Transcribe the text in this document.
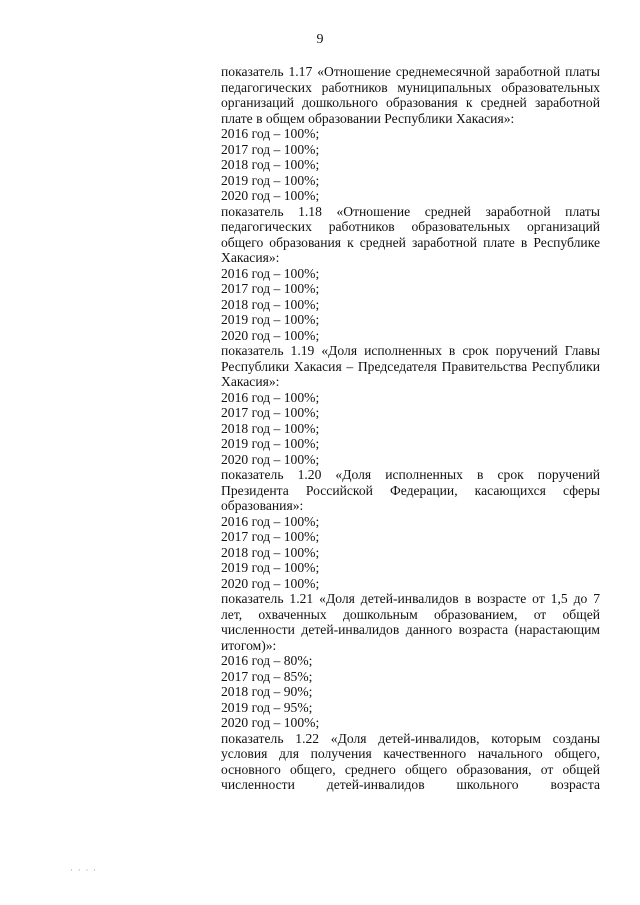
9

показатель 1.17 «Отношение среднемесячной заработной платы педагогических работников муниципальных образовательных организаций дошкольного образования к средней заработной плате в общем образовании Республики Хакасия»:

2016 год – 100%;

2017 год – 100%;

2018 год – 100%;

2019 год – 100%;

2020 год – 100%;

показатель 1.18 «Отношение средней заработной платы педагогических работников образовательных организаций общего образования к средней заработной плате в Республике Хакасия»:

2016 год – 100%;

2017 год – 100%;

2018 год – 100%;

2019 год – 100%;

2020 год – 100%;

показатель 1.19 «Доля исполненных в срок поручений Главы Республики Хакасия – Председателя Правительства Республики Хакасия»:

2016 год – 100%;

2017 год – 100%;

2018 год – 100%;

2019 год – 100%;

2020 год – 100%;

показатель 1.20 «Доля исполненных в срок поручений Президента Российской Федерации, касающихся сферы образования»:

2016 год – 100%;

2017 год – 100%;

2018 год – 100%;

2019 год – 100%;

2020 год – 100%;

показатель 1.21 «Доля детей-инвалидов в возрасте от 1,5 до 7 лет, охваченных дошкольным образованием, от общей численности детей-инвалидов данного возраста (нарастающим итогом)»:

2016 год – 80%;

2017 год – 85%;

2018 год – 90%;

2019 год – 95%;

2020 год – 100%;

показатель 1.22 «Доля детей-инвалидов, которым созданы условия для получения качественного начального общего, основного общего, среднего общего образования, от общей численности детей-инвалидов школьного возраста

· · · ·
